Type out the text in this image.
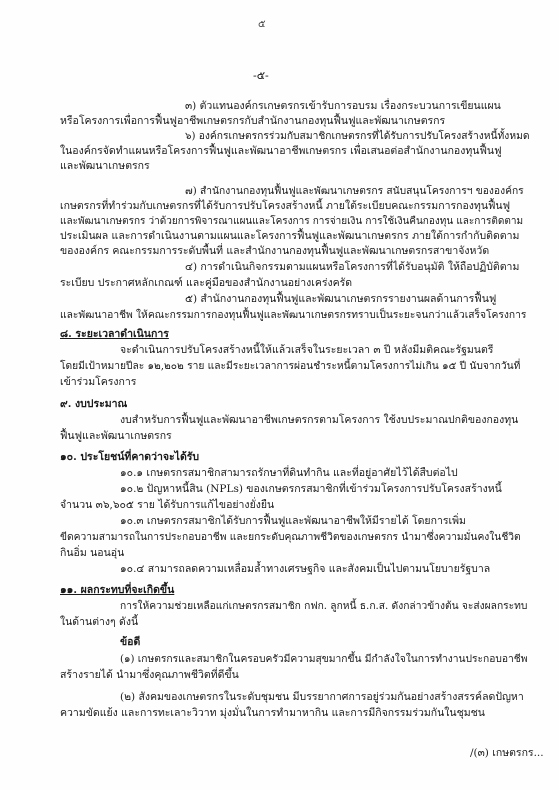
๕
-๕-
๓) ตัวแทนองค์กรเกษตรกรเข้ารับการอบรม เรื่องกระบวนการเขียนแผน
หรือโครงการเพื่อการฟื้นฟูอาชีพเกษตรกรกับสำนักงานกองทุนฟื้นฟูและพัฒนาเกษตรกร
๖) องค์กรเกษตรกรร่วมกับสมาชิกเกษตรกรที่ได้รับการปรับโครงสร้างหนี้ทั้งหมด
ในองค์กรจัดทำแผนหรือโครงการฟื้นฟูและพัฒนาอาชีพเกษตรกร เพื่อเสนอต่อสำนักงานกองทุนฟื้นฟู
และพัฒนาเกษตรกร
๗) สำนักงานกองทุนฟื้นฟูและพัฒนาเกษตรกร สนับสนุนโครงการฯ ขององค์กร
เกษตรกรที่ทำร่วมกับเกษตรกรที่ได้รับการปรับโครงสร้างหนี้ ภายใต้ระเบียบคณะกรรมการกองทุนฟื้นฟู
และพัฒนาเกษตรกร ว่าด้วยการพิจารณาแผนและโครงการ การจ่ายเงิน การใช้เงินคืนกองทุน และการติดตาม
ประเมินผล และการดำเนินงานตามแผนและโครงการฟื้นฟูและพัฒนาเกษตรกร ภายใต้การกำกับติดตาม
ขององค์กร คณะกรรมการระดับพื้นที่ และสำนักงานกองทุนฟื้นฟูและพัฒนาเกษตรกรสาขาจังหวัด
๔) การดำเนินกิจกรรมตามแผนหรือโครงการที่ได้รับอนุมัติ ให้ถือปฏิบัติตาม
ระเบียบ ประกาศหลักเกณฑ์ และคู่มือของสำนักงานอย่างเคร่งครัด
๕) สำนักงานกองทุนฟื้นฟูและพัฒนาเกษตรกรรายงานผลด้านการฟื้นฟู
และพัฒนาอาชีพ ให้คณะกรรมการกองทุนฟื้นฟูและพัฒนาเกษตรกรทราบเป็นระยะจนกว่าแล้วเสร็จโครงการ
๘. ระยะเวลาดำเนินการ
จะดำเนินการปรับโครงสร้างหนี้ให้แล้วเสร็จในระยะเวลา ๓ ปี หลังมีมติคณะรัฐมนตรี
โดยมีเป้าหมายปีละ ๑๒,๒๐๒ ราย และมีระยะเวลาการผ่อนชำระหนี้ตามโครงการไม่เกิน ๑๕ ปี นับจากวันที่
เข้าร่วมโครงการ
๙. งบประมาณ
งบสำหรับการฟื้นฟูและพัฒนาอาชีพเกษตรกรตามโครงการ ใช้งบประมาณปกติของกองทุน
ฟื้นฟูและพัฒนาเกษตรกร
๑๐. ประโยชน์ที่คาดว่าจะได้รับ
๑๐.๑ เกษตรกรสมาชิกสามารถรักษาที่ดินทำกิน และที่อยู่อาศัยไว้ได้สืบต่อไป
๑๐.๒ ปัญหาหนี้สิน (NPLs) ของเกษตรกรสมาชิกที่เข้าร่วมโครงการปรับโครงสร้างหนี้
จำนวน ๓๖,๖๐๕ ราย ได้รับการแก้ไขอย่างยั่งยืน
๑๐.๓ เกษตรกรสมาชิกได้รับการฟื้นฟูและพัฒนาอาชีพให้มีรายได้ โดยการเพิ่ม
ขีดความสามารถในการประกอบอาชีพ และยกระดับคุณภาพชีวิตของเกษตรกร นำมาซึ่งความมั่นคงในชีวิต
กินอิ่ม นอนอุ่น
๑๐.๔ สามารถลดความเหลื่อมล้ำทางเศรษฐกิจ และสังคมเป็นไปตามนโยบายรัฐบาล
๑๑. ผลกระทบที่จะเกิดขึ้น
การให้ความช่วยเหลือแก่เกษตรกรสมาชิก กฟก. ลูกหนี้ ธ.ก.ส. ดังกล่าวข้างต้น จะส่งผลกระทบ
ในด้านต่างๆ ดังนี้
ข้อดี
(๑) เกษตรกรและสมาชิกในครอบครัวมีความสุขมากขึ้น มีกำลังใจในการทำงานประกอบอาชีพ
สร้างรายได้ นำมาซึ่งคุณภาพชีวิตที่ดีขึ้น
(๒) สังคมของเกษตรกรในระดับชุมชน มีบรรยากาศการอยู่ร่วมกันอย่างสร้างสรรค์ลดปัญหา
ความขัดแย้ง และการทะเลาะวิวาท มุ่งมั่นในการทำมาหากิน และการมีกิจกรรมร่วมกันในชุมชน
/(๓) เกษตรกร...
